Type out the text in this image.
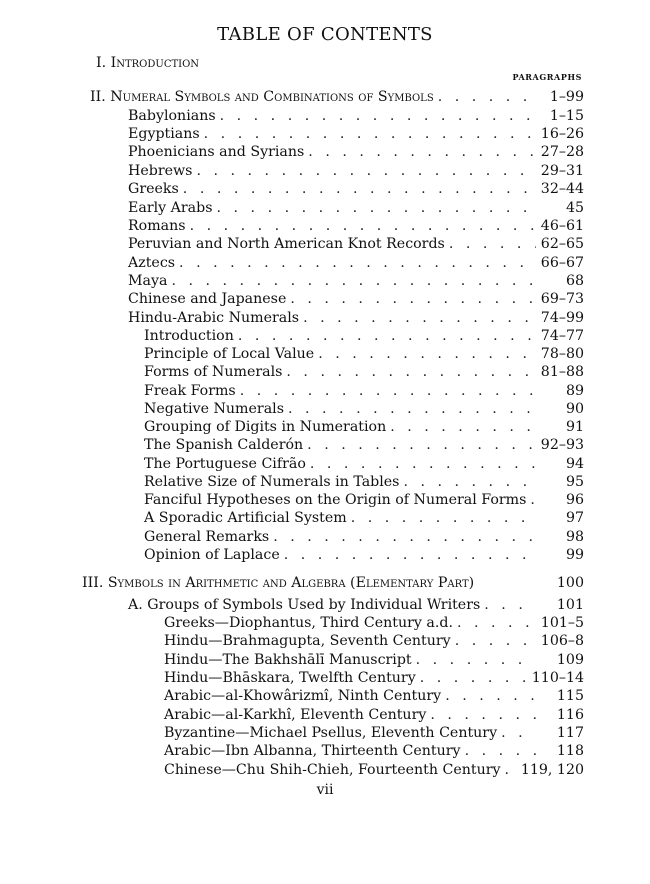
TABLE OF CONTENTS
PARAGRAPHS
I. Introduction
II. Numeral Symbols and Combinations of Symbols . . .	1–99
Babylonians . . .	1–15
Egyptians . . .	16–26
Phoenicians and Syrians . . .	27–28
Hebrews . . .	29–31
Greeks . . .	32–44
Early Arabs . . .	45
Romans . . .	46–61
Peruvian and North American Knot Records . . .	62–65
Aztecs . . .	66–67
Maya . . .	68
Chinese and Japanese . . .	69–73
Hindu-Arabic Numerals . . .	74–99
Introduction . . .	74–77
Principle of Local Value . . .	78–80
Forms of Numerals . . .	81–88
Freak Forms . . .	89
Negative Numerals . . .	90
Grouping of Digits in Numeration . . .	91
The Spanish Calderón . . .	92–93
The Portuguese Cifrão . . .	94
Relative Size of Numerals in Tables . . .	95
Fanciful Hypotheses on the Origin of Numeral Forms . . .	96
A Sporadic Artificial System . . .	97
General Remarks . . .	98
Opinion of Laplace . . .	99
III. Symbols in Arithmetic and Algebra (Elementary Part)	100
A. Groups of Symbols Used by Individual Writers . . .	101
Greeks—Diophantus, Third Century a.d. . . .	101–5
Hindu—Brahmagupta, Seventh Century . . .	106–8
Hindu—The Bakhshālī Manuscript . . .	109
Hindu—Bhāskara, Twelfth Century . . .	110–14
Arabic—al-Khowârizmî, Ninth Century . . .	115
Arabic—al-Karkhî, Eleventh Century . . .	116
Byzantine—Michael Psellus, Eleventh Century . . .	117
Arabic—Ibn Albanna, Thirteenth Century . . .	118
Chinese—Chu Shih-Chieh, Fourteenth Century . . . 119, 120
vii
